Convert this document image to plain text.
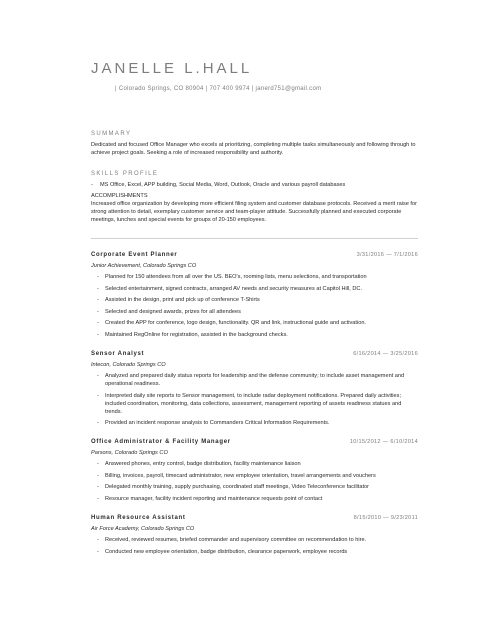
JANELLE L.HALL
| Colorado Springs, CO 80904 | 707 400 9974 | janerd751@gmail.com
SUMMARY
Dedicated and focused Office Manager who excels at prioritizing, completing multiple tasks simultaneously and following through to achieve project goals. Seeking a role of increased responsibility and authority.
SKILLS PROFILE
- MS Office, Excel, APP building, Social Media, Word, Outlook, Oracle and various payroll databases
ACCOMPLISHMENTS
Increased office organization by developing more efficient filing system and customer database protocols. Received a merit raise for strong attention to detail, exemplary customer service and team-player attitude. Successfully planned and executed corporate meetings, lunches and special events for groups of 20-150 employees.
Corporate Event Planner	3/31/2016 — 7/1/2016
Junior Achievement, Colorado Springs CO
- Planned for 150 attendees from all over the US. BEO's, rooming lists, menu selections, and transportation
- Selected entertainment, signed contracts, arranged AV needs and security measures at Capitol Hill, DC.
- Assisted in the design, print and pick up of conference T-Shirts
- Selected and designed awards, prizes for all attendees
- Created the APP for conference, logo design, functionality. QR and link, instructional guide and activation.
- Maintained RegOnline for registration, assisted in the background checks.
Sensor Analyst	6/16/2014 — 3/25/2016
Intecon, Colorado Springs CO
- Analyzed and prepared daily status reports for leadership and the defense community; to include asset management and operational readiness.
- Interpreted daily site reports to Sensor management, to include radar deployment notifications. Prepared daily activities; included coordination, monitoring, data collections, assessment, management reporting of assets readiness statues and trends.
- Provided an incident response analysis to Commanders Critical Information Requirements.
Office Administrator & Facility Manager	10/15/2012 — 6/10/2014
Parsons, Colorado Springs CO
- Answered phones, entry control, badge distribution, facility maintenance liaison
- Billing, invoices, payroll, timecard administrator, new employee orientation, travel arrangements and vouchers
- Delegated monthly training, supply purchasing, coordinated staff meetings, Video Teleconference facilitator
- Resource manager, facility incident reporting and maintenance requests point of contact
Human Resource Assistant	8/15/2010 — 9/23/2011
Air Force Academy, Colorado Springs CO
- Received, reviewed resumes, briefed commander and supervisory committee on recommendation to hire.
- Conducted new employee orientation, badge distribution, clearance paperwork, employee records
